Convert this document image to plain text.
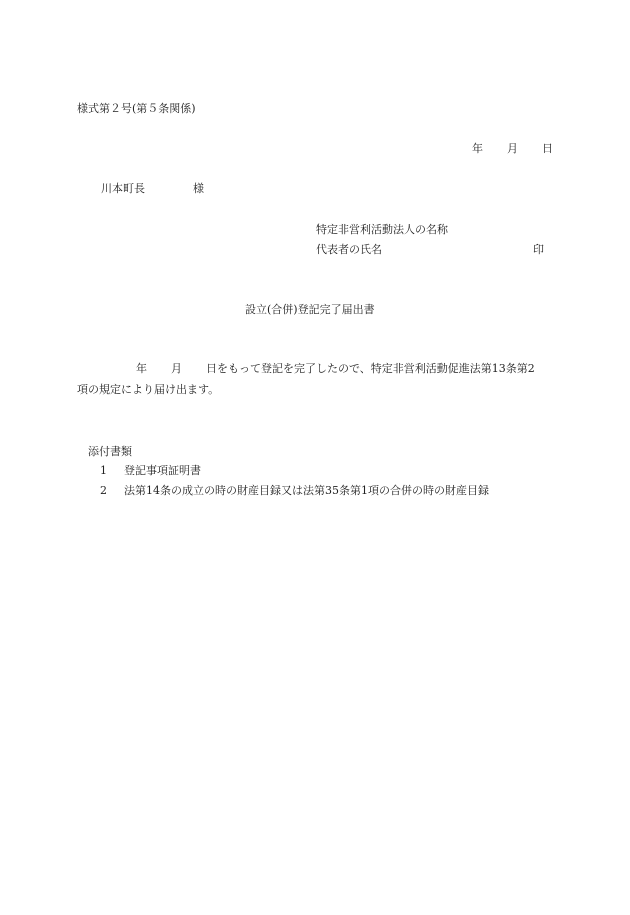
様式第２号(第５条関係)
年 月 日
川本町長	様
特定非営利活動法人の名称
代表者の氏名	印
設立(合併)登記完了届出書
年 月 日をもって登記を完了したので、特定非営利活動促進法第13条第2
項の規定により届け出ます。
添付書類
1 登記事項証明書
2 法第14条の成立の時の財産目録又は法第35条第1項の合併の時の財産目録
